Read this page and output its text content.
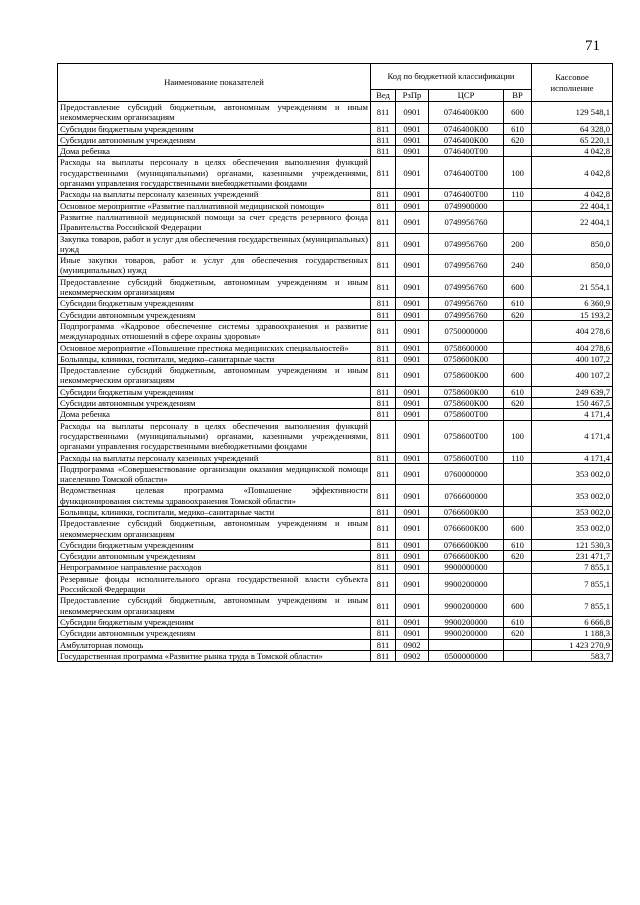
71
Наименование показателей	Код по бюджетной классификации				Кассовое исполнение
	Вед	РзПр	ЦСР	ВР	
Предоставление субсидий бюджетным, автономным учреждениям и иным некоммерческим организациям	811	0901	0746400К00	600	129 548,1
Субсидии бюджетным учреждениям	811	0901	0746400К00	610	64 328,0
Субсидии автономным учреждениям	811	0901	0746400К00	620	65 220,1
Дома ребенка	811	0901	0746400Т00		4 042,8
Расходы на выплаты персоналу в целях обеспечения выполнения функций государственными (муниципальными) органами, казенными учреждениями, органами управления государственными внебюджетными фондами	811	0901	0746400Т00	100	4 042,8
Расходы на выплаты персоналу казенных учреждений	811	0901	0746400Т00	110	4 042,8
Основное мероприятие «Развитие паллиативной медицинской помощи»	811	0901	0749900000		22 404,1
Развитие паллиативной медицинской помощи за счет средств резервного фонда Правительства Российской Федерации	811	0901	0749956760		22 404,1
Закупка товаров, работ и услуг для обеспечения государственных (муниципальных) нужд	811	0901	0749956760	200	850,0
Иные закупки товаров, работ и услуг для обеспечения государственных (муниципальных) нужд	811	0901	0749956760	240	850,0
Предоставление субсидий бюджетным, автономным учреждениям и иным некоммерческим организациям	811	0901	0749956760	600	21 554,1
Субсидии бюджетным учреждениям	811	0901	0749956760	610	6 360,9
Субсидии автономным учреждениям	811	0901	0749956760	620	15 193,2
Подпрограмма «Кадровое обеспечение системы здравоохранения и развитие международных отношений в сфере охраны здоровья»	811	0901	0750000000		404 278,6
Основное мероприятие «Повышение престижа медицинских специальностей»	811	0901	0758600000		404 278,6
Больницы, клиники, госпитали, медико–санитарные части	811	0901	0758600К00		400 107,2
Предоставление субсидий бюджетным, автономным учреждениям и иным некоммерческим организациям	811	0901	0758600К00	600	400 107,2
Субсидии бюджетным учреждениям	811	0901	0758600К00	610	249 639,7
Субсидии автономным учреждениям	811	0901	0758600К00	620	150 467,5
Дома ребенка	811	0901	0758600Т00		4 171,4
Расходы на выплаты персоналу в целях обеспечения выполнения функций государственными (муниципальными) органами, казенными учреждениями, органами управления государственными внебюджетными фондами	811	0901	0758600Т00	100	4 171,4
Расходы на выплаты персоналу казенных учреждений	811	0901	0758600Т00	110	4 171,4
Подпрограмма «Совершенствование организации оказания медицинской помощи населению Томской области»	811	0901	0760000000		353 002,0
Ведомственная целевая программа «Повышение эффективности функционирования системы здравоохранения Томской области»	811	0901	0766600000		353 002,0
Больницы, клиники, госпитали, медико–санитарные части	811	0901	0766600К00		353 002,0
Предоставление субсидий бюджетным, автономным учреждениям и иным некоммерческим организациям	811	0901	0766600К00	600	353 002,0
Субсидии бюджетным учреждениям	811	0901	0766600К00	610	121 530,3
Субсидии автономным учреждениям	811	0901	0766600К00	620	231 471,7
Непрограммное направление расходов	811	0901	9900000000		7 855,1
Резервные фонды исполнительного органа государственной власти субъекта Российской Федерации	811	0901	9900200000		7 855,1
Предоставление субсидий бюджетным, автономным учреждениям и иным некоммерческим организациям	811	0901	9900200000	600	7 855,1
Субсидии бюджетным учреждениям	811	0901	9900200000	610	6 666,8
Субсидии автономным учреждениям	811	0901	9900200000	620	1 188,3
Амбулаторная помощь	811	0902			1 423 270,9
Государственная программа «Развитие рынка труда в Томской области»	811	0902	0500000000		583,7
